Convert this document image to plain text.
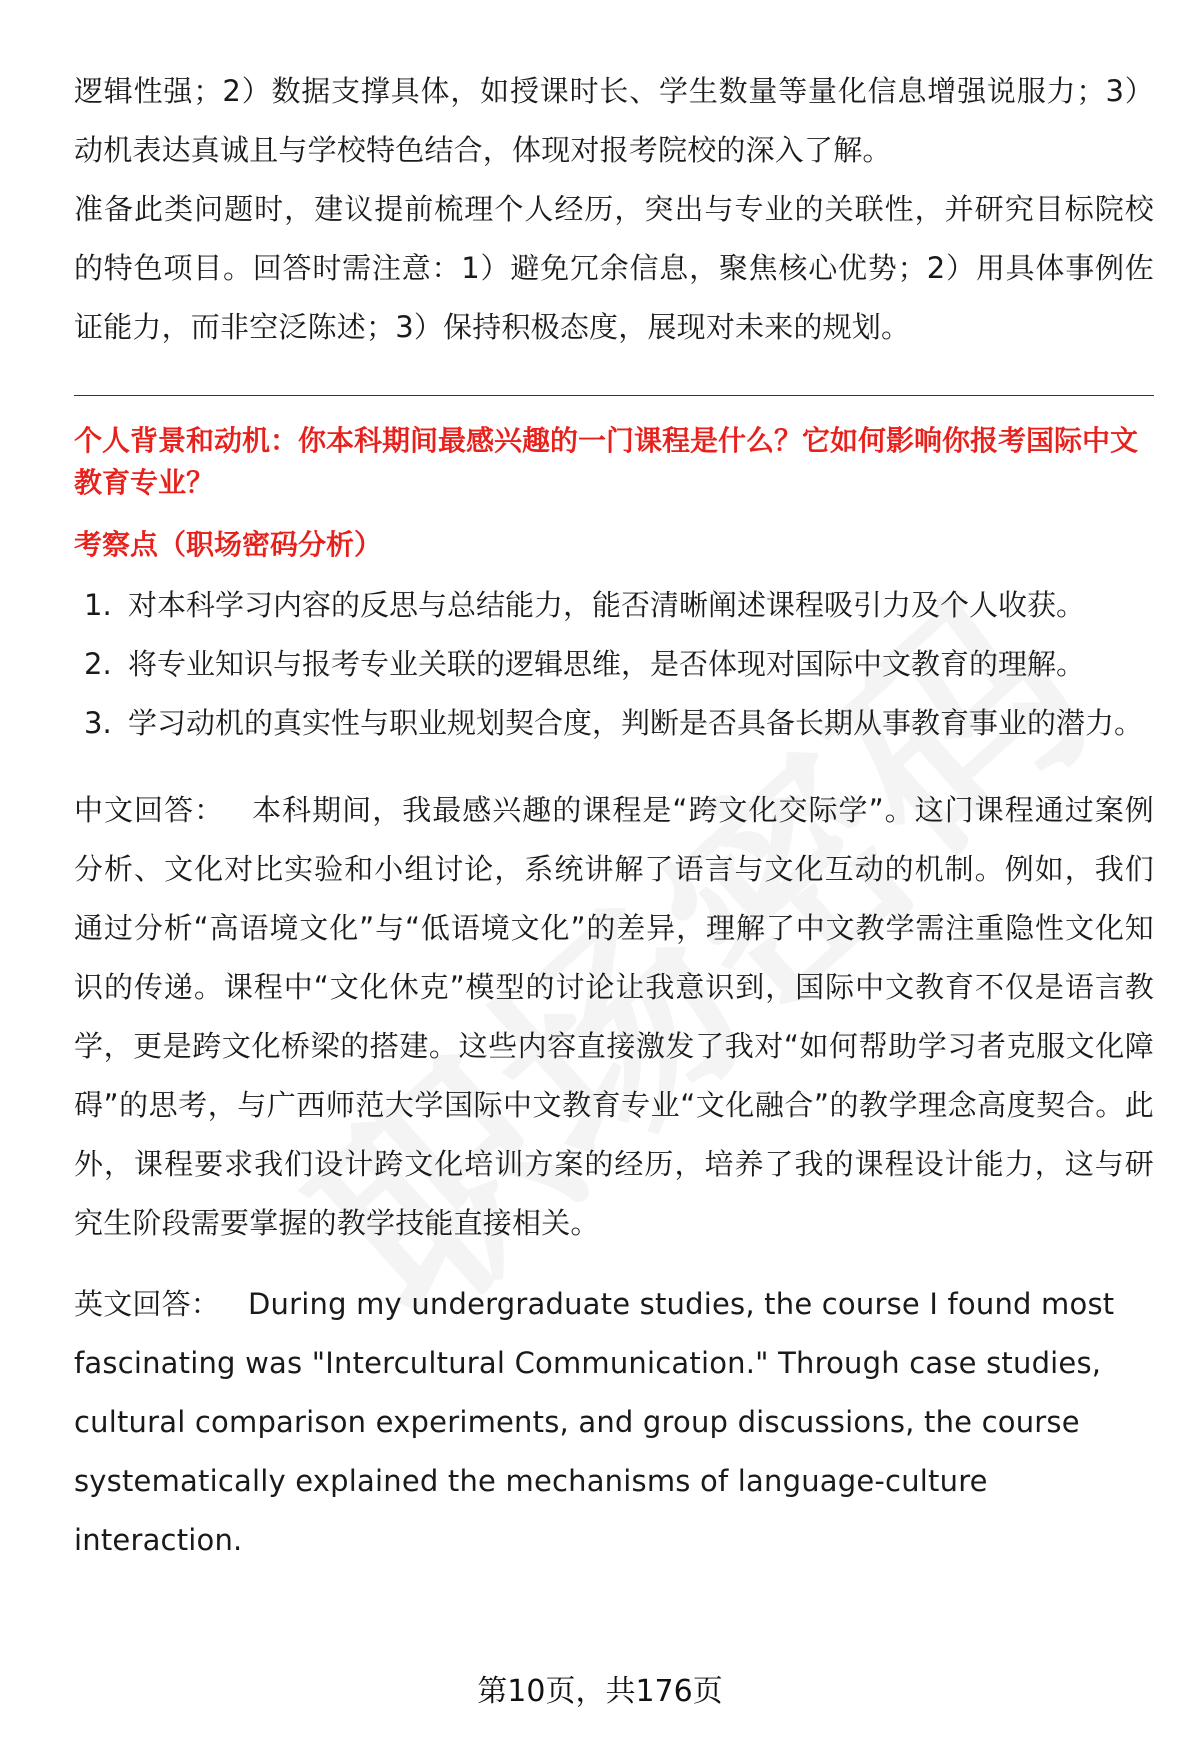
逻辑性强；2）数据支撑具体，如授课时长、学生数量等量化信息增强说服力；3）动机表达真诚且与学校特色结合，体现对报考院校的深入了解。

准备此类问题时，建议提前梳理个人经历，突出与专业的关联性，并研究目标院校的特色项目。回答时需注意：1）避免冗余信息，聚焦核心优势；2）用具体事例佐证能力，而非空泛陈述；3）保持积极态度，展现对未来的规划。

个人背景和动机：你本科期间最感兴趣的一门课程是什么？它如何影响你报考国际中文教育专业？

考察点（职场密码分析）

1. 对本科学习内容的反思与总结能力，能否清晰阐述课程吸引力及个人收获。
2. 将专业知识与报考专业关联的逻辑思维，是否体现对国际中文教育的理解。
3. 学习动机的真实性与职业规划契合度，判断是否具备长期从事教育事业的潜力。

中文回答： 本科期间，我最感兴趣的课程是“跨文化交际学”。这门课程通过案例分析、文化对比实验和小组讨论，系统讲解了语言与文化互动的机制。例如，我们通过分析“高语境文化”与“低语境文化”的差异，理解了中文教学需注重隐性文化知识的传递。课程中“文化休克”模型的讨论让我意识到，国际中文教育不仅是语言教学，更是跨文化桥梁的搭建。这些内容直接激发了我对“如何帮助学习者克服文化障碍”的思考，与广西师范大学国际中文教育专业“文化融合”的教学理念高度契合。此外，课程要求我们设计跨文化培训方案的经历，培养了我的课程设计能力，这与研究生阶段需要掌握的教学技能直接相关。

英文回答： During my undergraduate studies, the course I found most fascinating was "Intercultural Communication." Through case studies, cultural comparison experiments, and group discussions, the course systematically explained the mechanisms of language-culture interaction.

第10页，共176页
